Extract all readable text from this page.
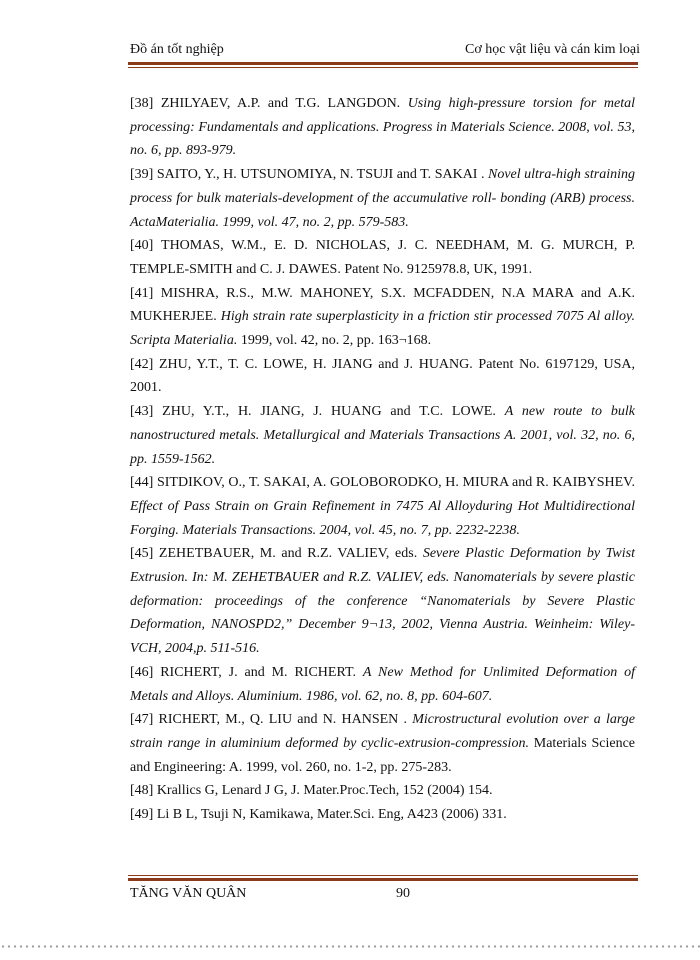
Đồ án tốt nghiệp	Cơ học vật liệu và cán kim loại

[38] ZHILYAEV, A.P. and T.G. LANGDON. Using high-pressure torsion for metal processing: Fundamentals and applications. Progress in Materials Science. 2008, vol. 53, no. 6, pp. 893-979.

[39] SAITO, Y., H. UTSUNOMIYA, N. TSUJI and T. SAKAI . Novel ultra-high straining process for bulk materials-development of the accumulative roll- bonding (ARB) process. ActaMaterialia. 1999, vol. 47, no. 2, pp. 579-583.

[40] THOMAS, W.M., E. D. NICHOLAS, J. C. NEEDHAM, M. G. MURCH, P. TEMPLE-SMITH and C. J. DAWES. Patent No. 9125978.8, UK, 1991.

[41] MISHRA, R.S., M.W. MAHONEY, S.X. MCFADDEN, N.A MARA and A.K. MUKHERJEE. High strain rate superplasticity in a friction stir processed 7075 Al alloy. Scripta Materialia. 1999, vol. 42, no. 2, pp. 163¬168.

[42] ZHU, Y.T., T. C. LOWE, H. JIANG and J. HUANG. Patent No. 6197129, USA, 2001.

[43] ZHU, Y.T., H. JIANG, J. HUANG and T.C. LOWE. A new route to bulk nanostructured metals. Metallurgical and Materials Transactions A. 2001, vol. 32, no. 6, pp. 1559-1562.

[44] SITDIKOV, O., T. SAKAI, A. GOLOBORODKO, H. MIURA and R. KAIBYSHEV. Effect of Pass Strain on Grain Refinement in 7475 Al Alloyduring Hot Multidirectional Forging. Materials Transactions. 2004, vol. 45, no. 7, pp. 2232-2238.

[45] ZEHETBAUER, M. and R.Z. VALIEV, eds. Severe Plastic Deformation by Twist Extrusion. In: M. ZEHETBAUER and R.Z. VALIEV, eds. Nanomaterials by severe plastic deformation: proceedings of the conference “Nanomaterials by Severe Plastic Deformation, NANOSPD2,” December 9¬13, 2002, Vienna Austria. Weinheim: Wiley-VCH, 2004,p. 511-516.

[46] RICHERT, J. and M. RICHERT. A New Method for Unlimited Deformation of Metals and Alloys. Aluminium. 1986, vol. 62, no. 8, pp. 604-607.

[47] RICHERT, M., Q. LIU and N. HANSEN . Microstructural evolution over a large strain range in aluminium deformed by cyclic-extrusion-compression. Materials Science and Engineering: A. 1999, vol. 260, no. 1-2, pp. 275-283.

[48] Krallics G, Lenard J G, J. Mater.Proc.Tech, 152 (2004) 154.

[49] Li B L, Tsuji N, Kamikawa, Mater.Sci. Eng, A423 (2006) 331.

TĂNG VĂN QUÂN	90
